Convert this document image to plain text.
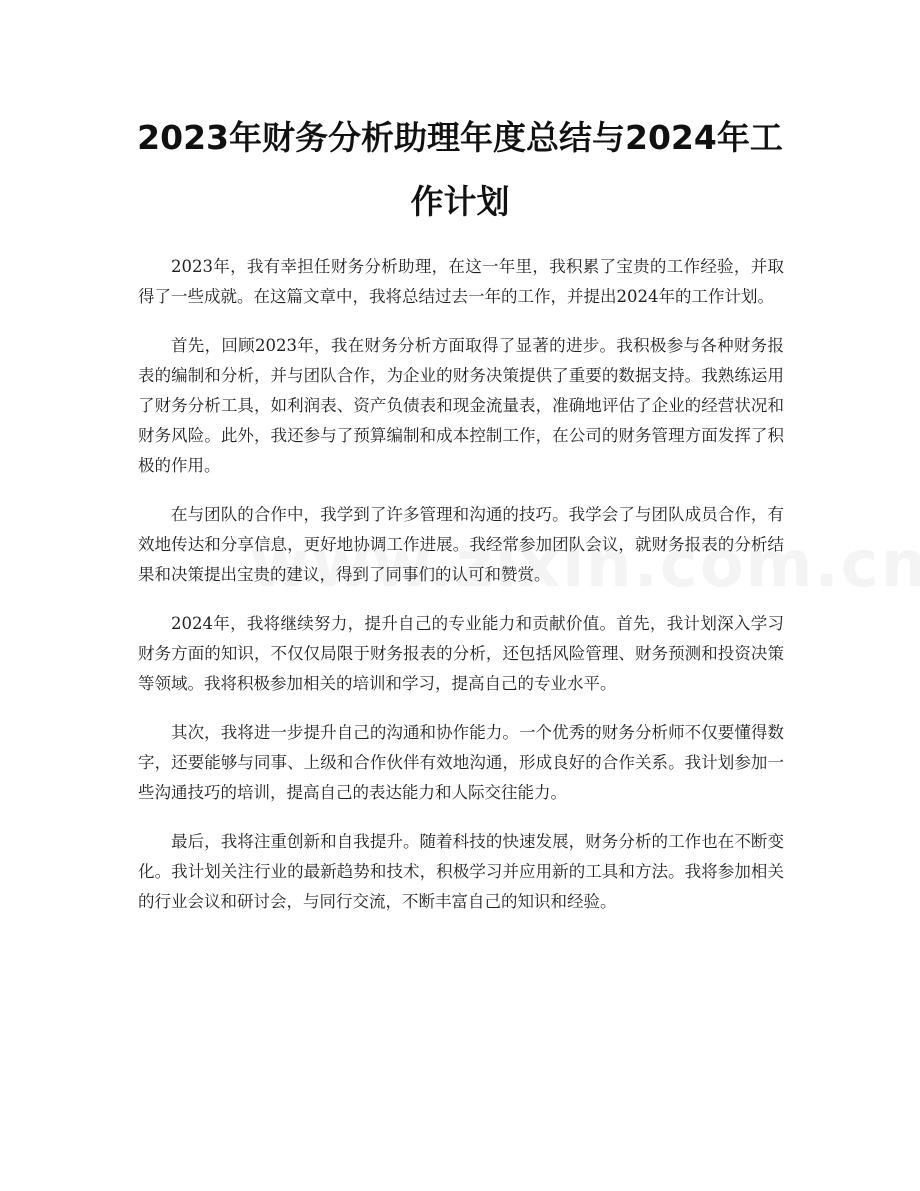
2023年财务分析助理年度总结与2024年工作计划

2023年，我有幸担任财务分析助理，在这一年里，我积累了宝贵的工作经验，并取得了一些成就。在这篇文章中，我将总结过去一年的工作，并提出2024年的工作计划。

首先，回顾2023年，我在财务分析方面取得了显著的进步。我积极参与各种财务报表的编制和分析，并与团队合作，为企业的财务决策提供了重要的数据支持。我熟练运用了财务分析工具，如利润表、资产负债表和现金流量表，准确地评估了企业的经营状况和财务风险。此外，我还参与了预算编制和成本控制工作，在公司的财务管理方面发挥了积极的作用。

在与团队的合作中，我学到了许多管理和沟通的技巧。我学会了与团队成员合作，有效地传达和分享信息，更好地协调工作进展。我经常参加团队会议，就财务报表的分析结果和决策提出宝贵的建议，得到了同事们的认可和赞赏。

2024年，我将继续努力，提升自己的专业能力和贡献价值。首先，我计划深入学习财务方面的知识，不仅仅局限于财务报表的分析，还包括风险管理、财务预测和投资决策等领域。我将积极参加相关的培训和学习，提高自己的专业水平。

其次，我将进一步提升自己的沟通和协作能力。一个优秀的财务分析师不仅要懂得数字，还要能够与同事、上级和合作伙伴有效地沟通，形成良好的合作关系。我计划参加一些沟通技巧的培训，提高自己的表达能力和人际交往能力。

最后，我将注重创新和自我提升。随着科技的快速发展，财务分析的工作也在不断变化。我计划关注行业的最新趋势和技术，积极学习并应用新的工具和方法。我将参加相关的行业会议和研讨会，与同行交流，不断丰富自己的知识和经验。
